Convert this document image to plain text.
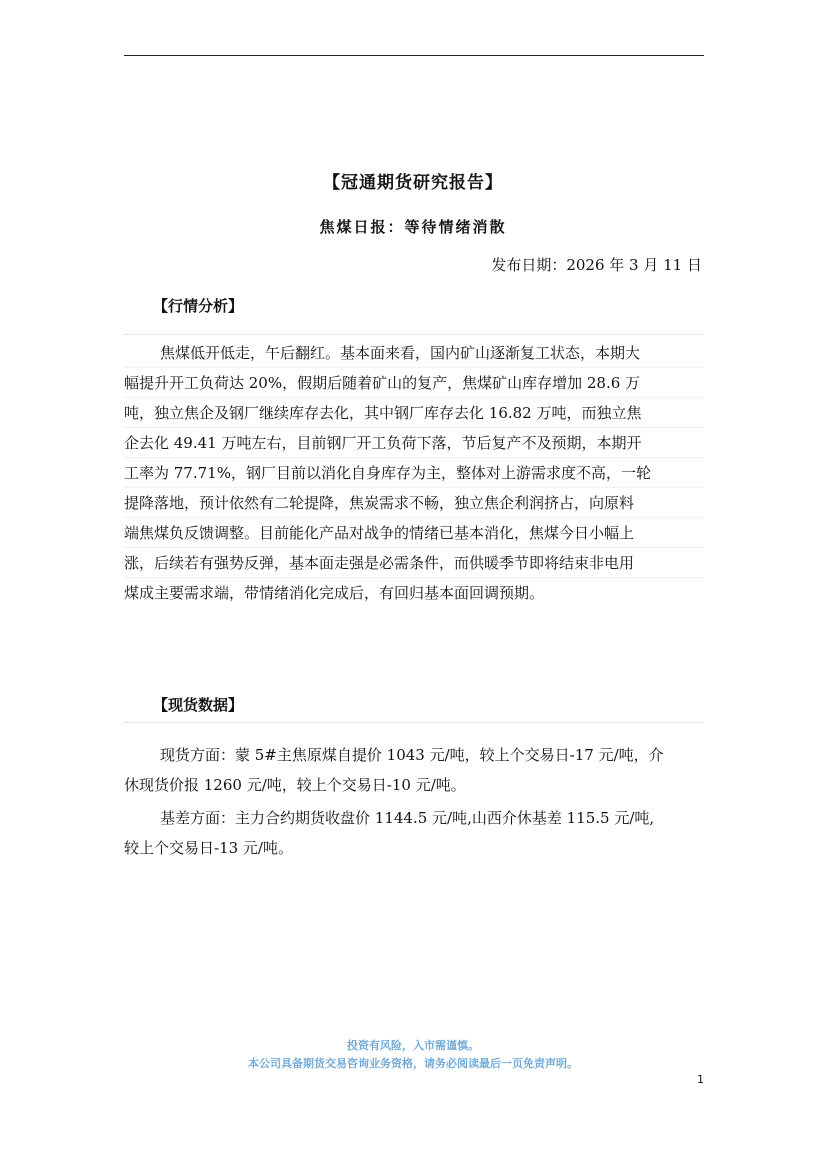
【冠通期货研究报告】
焦煤日报：等待情绪消散
发布日期：2026 年 3 月 11 日
【行情分析】
焦煤低开低走，午后翻红。基本面来看，国内矿山逐渐复工状态，本期大
幅提升开工负荷达 20%，假期后随着矿山的复产，焦煤矿山库存增加 28.6 万
吨，独立焦企及钢厂继续库存去化，其中钢厂库存去化 16.82 万吨，而独立焦
企去化 49.41 万吨左右，目前钢厂开工负荷下落，节后复产不及预期，本期开
工率为 77.71%，钢厂目前以消化自身库存为主，整体对上游需求度不高，一轮
提降落地，预计依然有二轮提降，焦炭需求不畅，独立焦企利润挤占，向原料
端焦煤负反馈调整。目前能化产品对战争的情绪已基本消化，焦煤今日小幅上
涨，后续若有强势反弹，基本面走强是必需条件，而供暖季节即将结束非电用
煤成主要需求端，带情绪消化完成后，有回归基本面回调预期。
【现货数据】
现货方面：蒙 5#主焦原煤自提价 1043 元/吨，较上个交易日-17 元/吨，介
休现货价报 1260 元/吨，较上个交易日-10 元/吨。
基差方面：主力合约期货收盘价 1144.5 元/吨,山西介休基差 115.5 元/吨,
较上个交易日-13 元/吨。
投资有风险，入市需谨慎。
本公司具备期货交易咨询业务资格，请务必阅读最后一页免责声明。
1
